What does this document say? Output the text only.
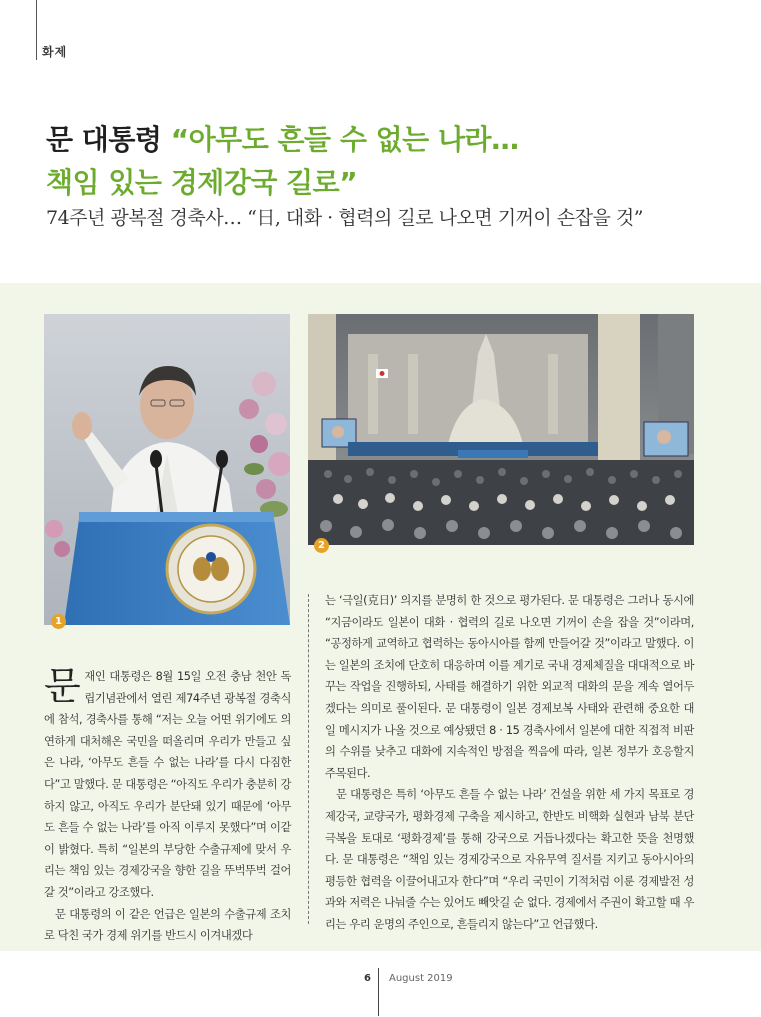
화제
문 대통령 “아무도 흔들 수 없는 나라…
책임 있는 경제강국 길로”
74주년 광복절 경축사… “日, 대화 · 협력의 길로 나오면 기꺼이 손잡을 것”
1
2

문재인 대통령은 8월 15일 오전 충남 천안 독립기념관에서 열린 제74주년 광복절 경축식에 참석, 경축사를 통해 “저는 오늘 어떤 위기에도 의연하게 대처해온 국민을 떠올리며 우리가 만들고 싶은 나라, ‘아무도 흔들 수 없는 나라’를 다시 다짐한다”고 말했다. 문 대통령은 “아직도 우리가 충분히 강하지 않고, 아직도 우리가 분단돼 있기 때문에 ‘아무도 흔들 수 없는 나라’를 아직 이루지 못했다”며 이같이 밝혔다. 특히 “일본의 부당한 수출규제에 맞서 우리는 책임 있는 경제강국을 향한 길을 뚜벅뚜벅 걸어갈 것”이라고 강조했다.

문 대통령의 이 같은 언급은 일본의 수출규제 조치로 닥친 국가 경제 위기를 반드시 이겨내겠다

는 ‘극일(克日)’ 의지를 분명히 한 것으로 평가된다. 문 대통령은 그러나 동시에 “지금이라도 일본이 대화 · 협력의 길로 나오면 기꺼이 손을 잡을 것”이라며, “공정하게 교역하고 협력하는 동아시아를 함께 만들어갈 것”이라고 말했다. 이는 일본의 조치에 단호히 대응하며 이를 계기로 국내 경제체질을 대대적으로 바꾸는 작업을 진행하되, 사태를 해결하기 위한 외교적 대화의 문을 계속 열어두겠다는 의미로 풀이된다. 문 대통령이 일본 경제보복 사태와 관련해 중요한 대일 메시지가 나올 것으로 예상됐던 8 · 15 경축사에서 일본에 대한 직접적 비판의 수위를 낮추고 대화에 지속적인 방점을 찍음에 따라, 일본 정부가 호응할지 주목된다.

문 대통령은 특히 ‘아무도 흔들 수 없는 나라’ 건설을 위한 세 가지 목표로 경제강국, 교량국가, 평화경제 구축을 제시하고, 한반도 비핵화 실현과 남북 분단 극복을 토대로 ‘평화경제’를 통해 강국으로 거듭나겠다는 확고한 뜻을 천명했다. 문 대통령은 “책임 있는 경제강국으로 자유무역 질서를 지키고 동아시아의 평등한 협력을 이끌어내고자 한다”며 “우리 국민이 기적처럼 이룬 경제발전 성과와 저력은 나눠줄 수는 있어도 빼앗길 순 없다. 경제에서 주권이 확고할 때 우리는 우리 운명의 주인으로, 흔들리지 않는다”고 언급했다.

6 August 2019
